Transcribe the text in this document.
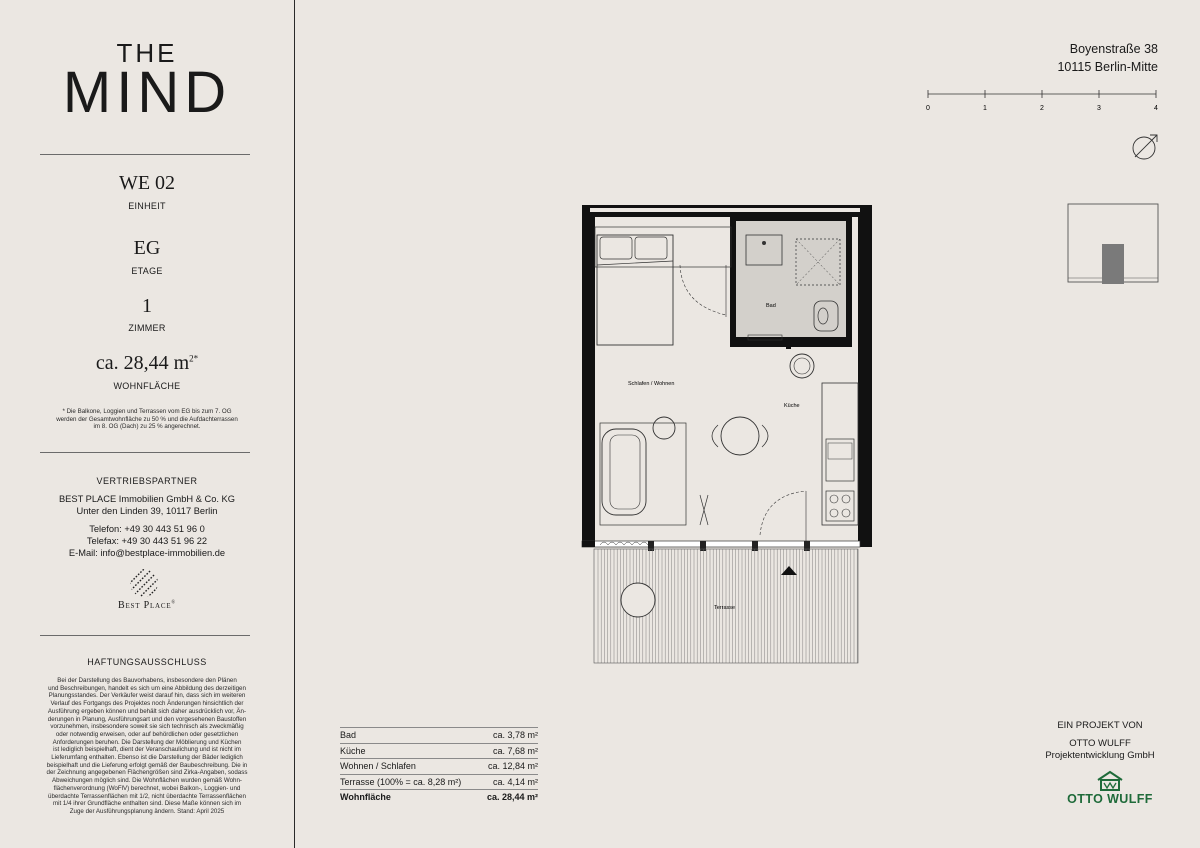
THE
MIND
WE 02
EINHEIT
EG
ETAGE
1
ZIMMER
ca. 28,44 $m^{2*}$
WOHNFLÄCHE
* Die Balkone, Loggien und Terrassen vom EG bis zum 7. OG
werden der Gesamtwohnfläche zu 50 % und die Aufdachterrassen
im 8. OG (Dach) zu 25 % angerechnet.
VERTRIEBSPARTNER
BEST PLACE Immobilien GmbH & Co. KG
Unter den Linden 39, 10117 Berlin
Telefon: +49 30 443 51 96 0
Telefax: +49 30 443 51 96 22
E-Mail: info@bestplace-immobilien.de
Best Place®
HAFTUNGSAUSSCHLUSS
Bei der Darstellung des Bauvorhabens, insbesondere den Plänen
und Beschreibungen, handelt es sich um eine Abbildung des derzeitigen
Planungsstandes. Der Verkäufer weist darauf hin, dass sich im weiteren
Verlauf des Fortgangs des Projektes noch Änderungen hinsichtlich der
Ausführung ergeben können und behält sich daher ausdrücklich vor, Än-
derungen in Planung, Ausführungsart und den vorgesehenen Baustoffen
vorzunehmen, insbesondere soweit sie sich technisch als zweckmäßig
oder notwendig erweisen, oder auf behördlichen oder gesetzlichen
Anforderungen beruhen. Die Darstellung der Möblierung und Küchen
ist lediglich beispielhaft, dient der Veranschaulichung und ist nicht im
Lieferumfang enthalten. Ebenso ist die Darstellung der Bäder lediglich
beispielhaft und die Lieferung erfolgt gemäß der Baubeschreibung. Die in
der Zeichnung angegebenen Flächengrößen sind Zirka-Angaben, sodass
Abweichungen möglich sind. Die Wohnflächen wurden gemäß Wohn-
flächenverordnung (WoFlV) berechnet, wobei Balkon-, Loggien- und
überdachte Terrassenflächen mit 1/2, nicht überdachte Terrassenflächen
mit 1/4 ihrer Grundfläche enthalten sind. Diese Maße können sich im
Zuge der Ausführungsplanung ändern. Stand: April 2025
Boyenstraße 38
10115 Berlin-Mitte
0	1	2	3	4
Bad
Küche
Schlafen / Wohnen
Terrasse
Bad	ca. 3,78 m²
Küche	ca. 7,68 m²
Wohnen / Schlafen	ca. 12,84 m²
Terrasse (100% = ca. 8,28 m²)	ca. 4,14 m²
Wohnfläche	ca. 28,44 m²
EIN PROJEKT VON
OTTO WULFF
Projektentwicklung GmbH
OTTO WULFF
